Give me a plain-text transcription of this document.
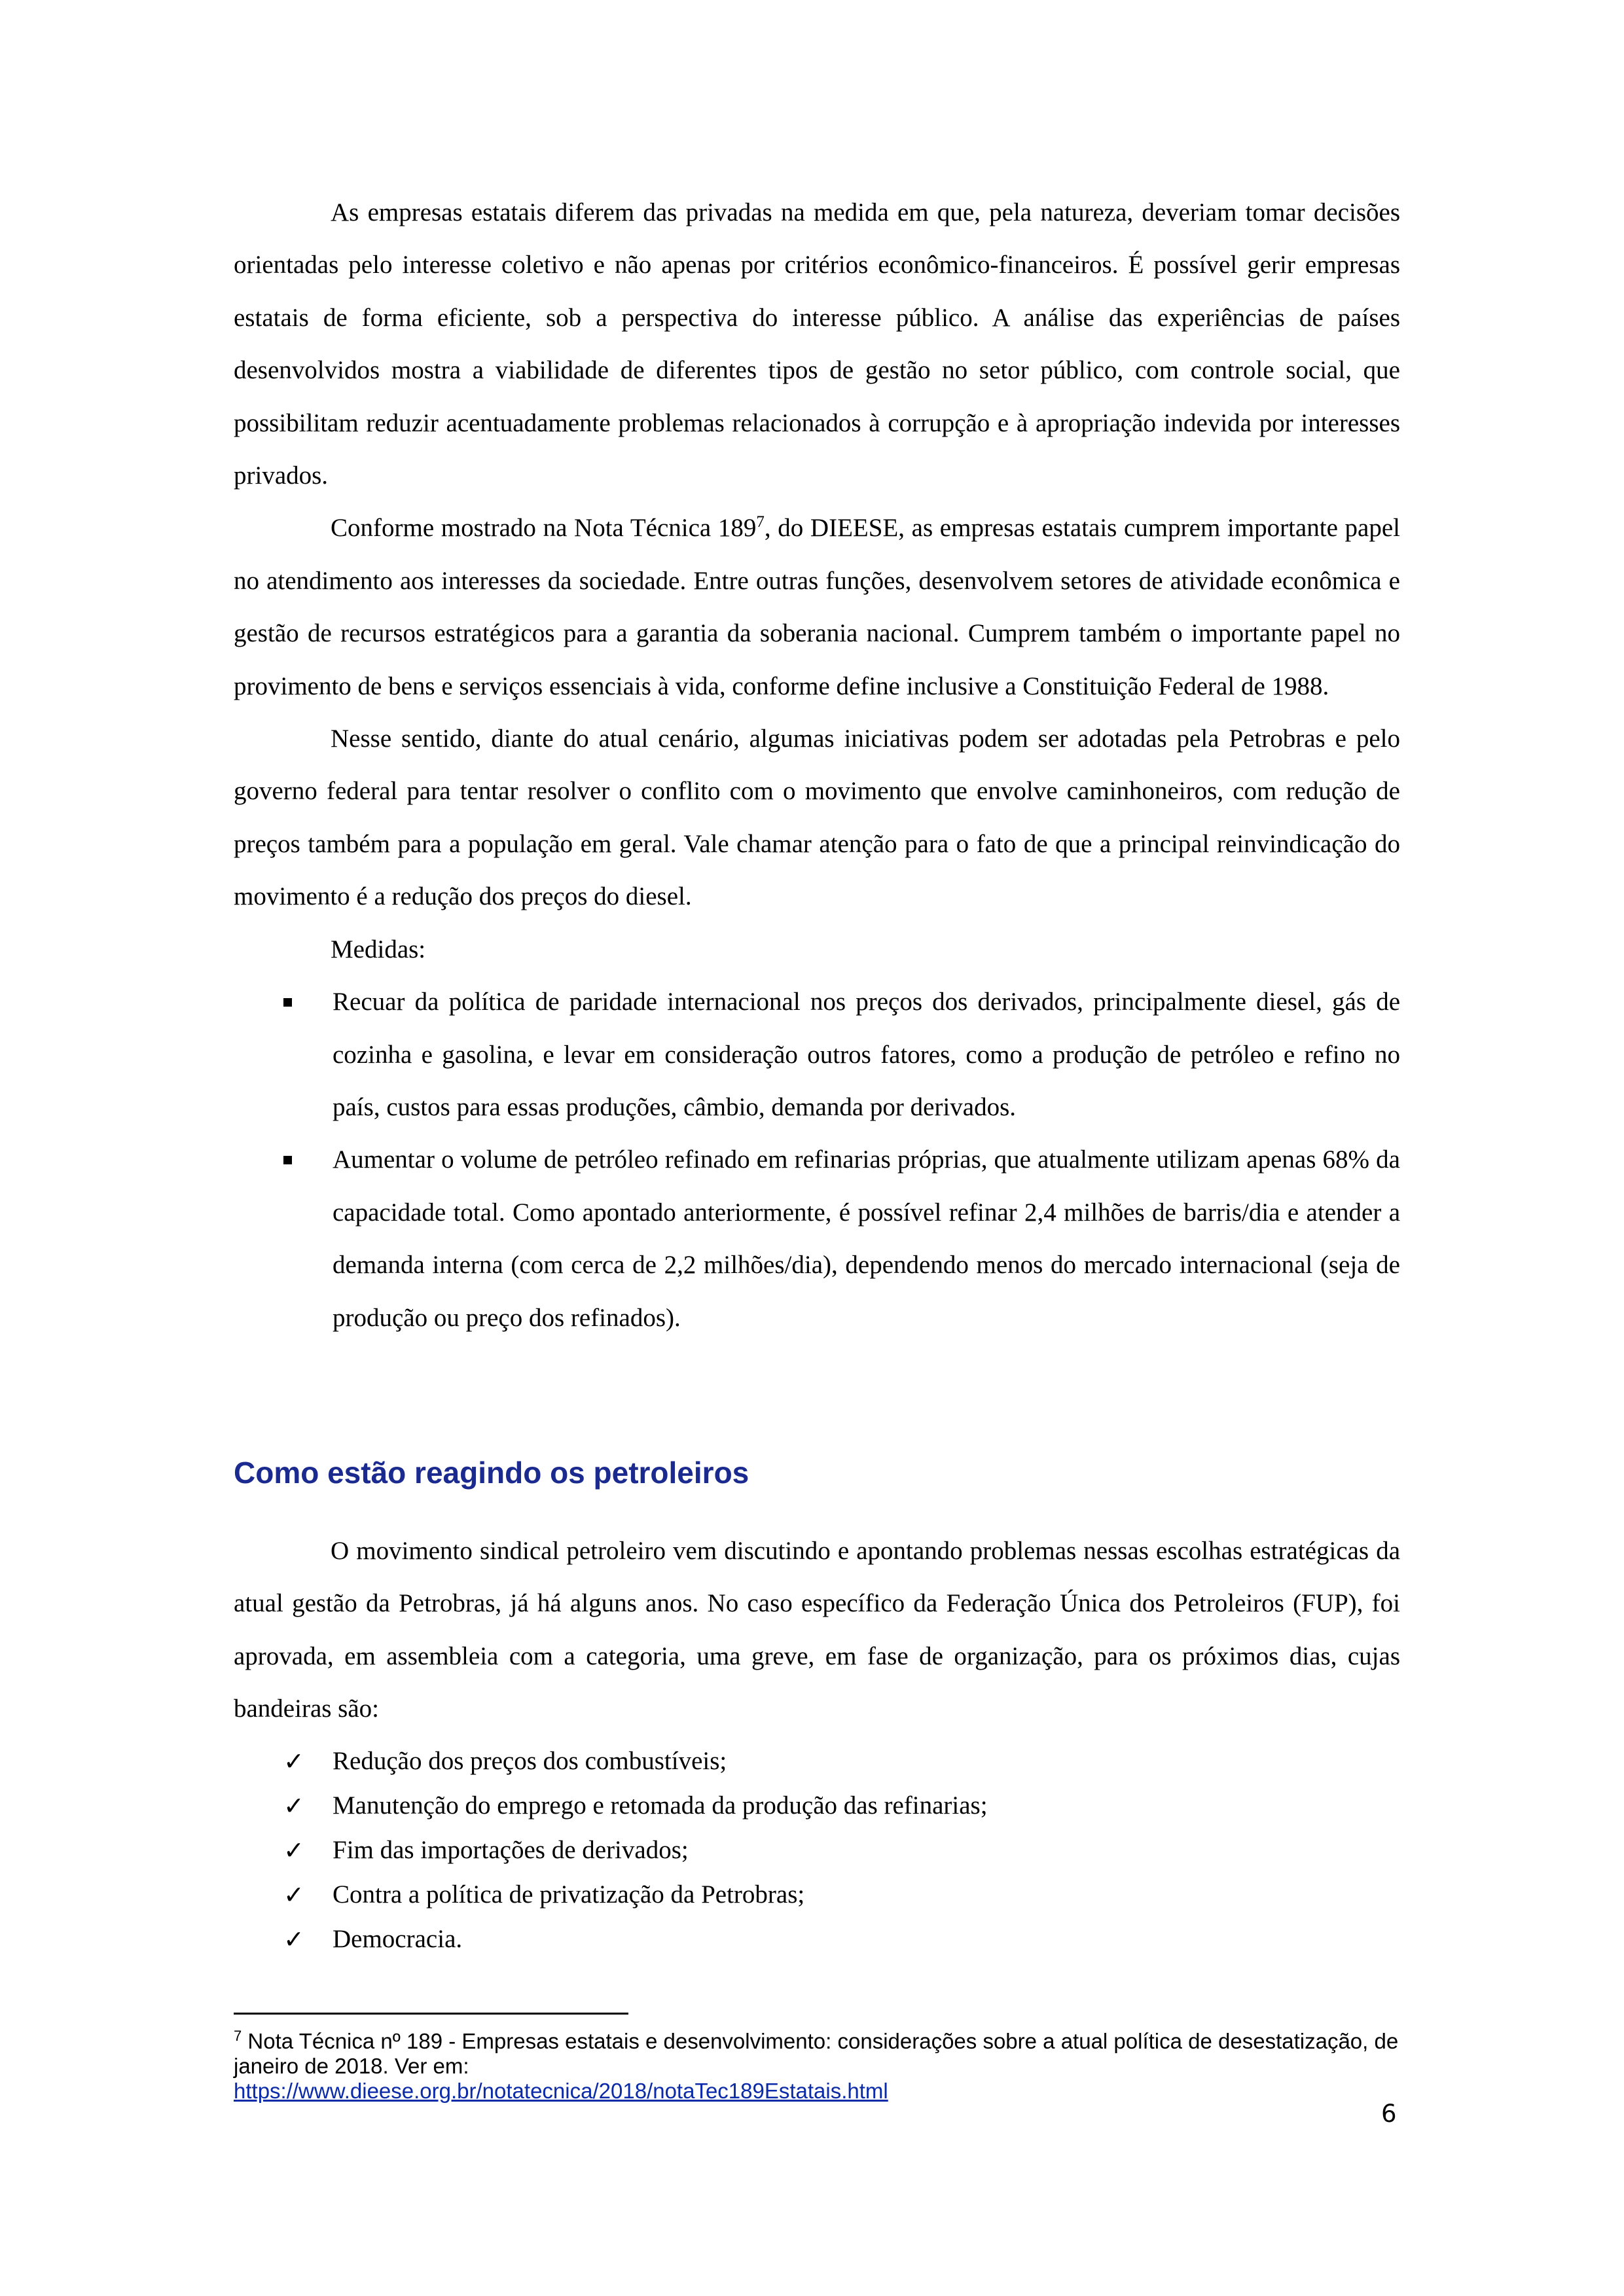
As empresas estatais diferem das privadas na medida em que, pela natureza, deveriam tomar decisões orientadas pelo interesse coletivo e não apenas por critérios econômico-financeiros. É possível gerir empresas estatais de forma eficiente, sob a perspectiva do interesse público. A análise das experiências de países desenvolvidos mostra a viabilidade de diferentes tipos de gestão no setor público, com controle social, que possibilitam reduzir acentuadamente problemas relacionados à corrupção e à apropriação indevida por interesses privados.

Conforme mostrado na Nota Técnica $189^7$, do DIEESE, as empresas estatais cumprem importante papel no atendimento aos interesses da sociedade. Entre outras funções, desenvolvem setores de atividade econômica e gestão de recursos estratégicos para a garantia da soberania nacional. Cumprem também o importante papel no provimento de bens e serviços essenciais à vida, conforme define inclusive a Constituição Federal de 1988.

Nesse sentido, diante do atual cenário, algumas iniciativas podem ser adotadas pela Petrobras e pelo governo federal para tentar resolver o conflito com o movimento que envolve caminhoneiros, com redução de preços também para a população em geral. Vale chamar atenção para o fato de que a principal reinvindicação do movimento é a redução dos preços do diesel.

Medidas:

Recuar da política de paridade internacional nos preços dos derivados, principalmente diesel, gás de cozinha e gasolina, e levar em consideração outros fatores, como a produção de petróleo e refino no país, custos para essas produções, câmbio, demanda por derivados.
Aumentar o volume de petróleo refinado em refinarias próprias, que atualmente utilizam apenas 68% da capacidade total. Como apontado anteriormente, é possível refinar 2,4 milhões de barris/dia e atender a demanda interna (com cerca de 2,2 milhões/dia), dependendo menos do mercado internacional (seja de produção ou preço dos refinados).
Como estão reagindo os petroleiros

O movimento sindical petroleiro vem discutindo e apontando problemas nessas escolhas estratégicas da atual gestão da Petrobras, já há alguns anos. No caso específico da Federação Única dos Petroleiros (FUP), foi aprovada, em assembleia com a categoria, uma greve, em fase de organização, para os próximos dias, cujas bandeiras são:

✓ Redução dos preços dos combustíveis;
✓ Manutenção do emprego e retomada da produção das refinarias;
✓ Fim das importações de derivados;
✓ Contra a política de privatização da Petrobras;
✓ Democracia.
$^7$ Nota Técnica nº 189 - Empresas estatais e desenvolvimento: considerações sobre a atual política de desestatização, de janeiro de 2018. Ver em:
https://www.dieese.org.br/notatecnica/2018/notaTec189Estatais.html
6
